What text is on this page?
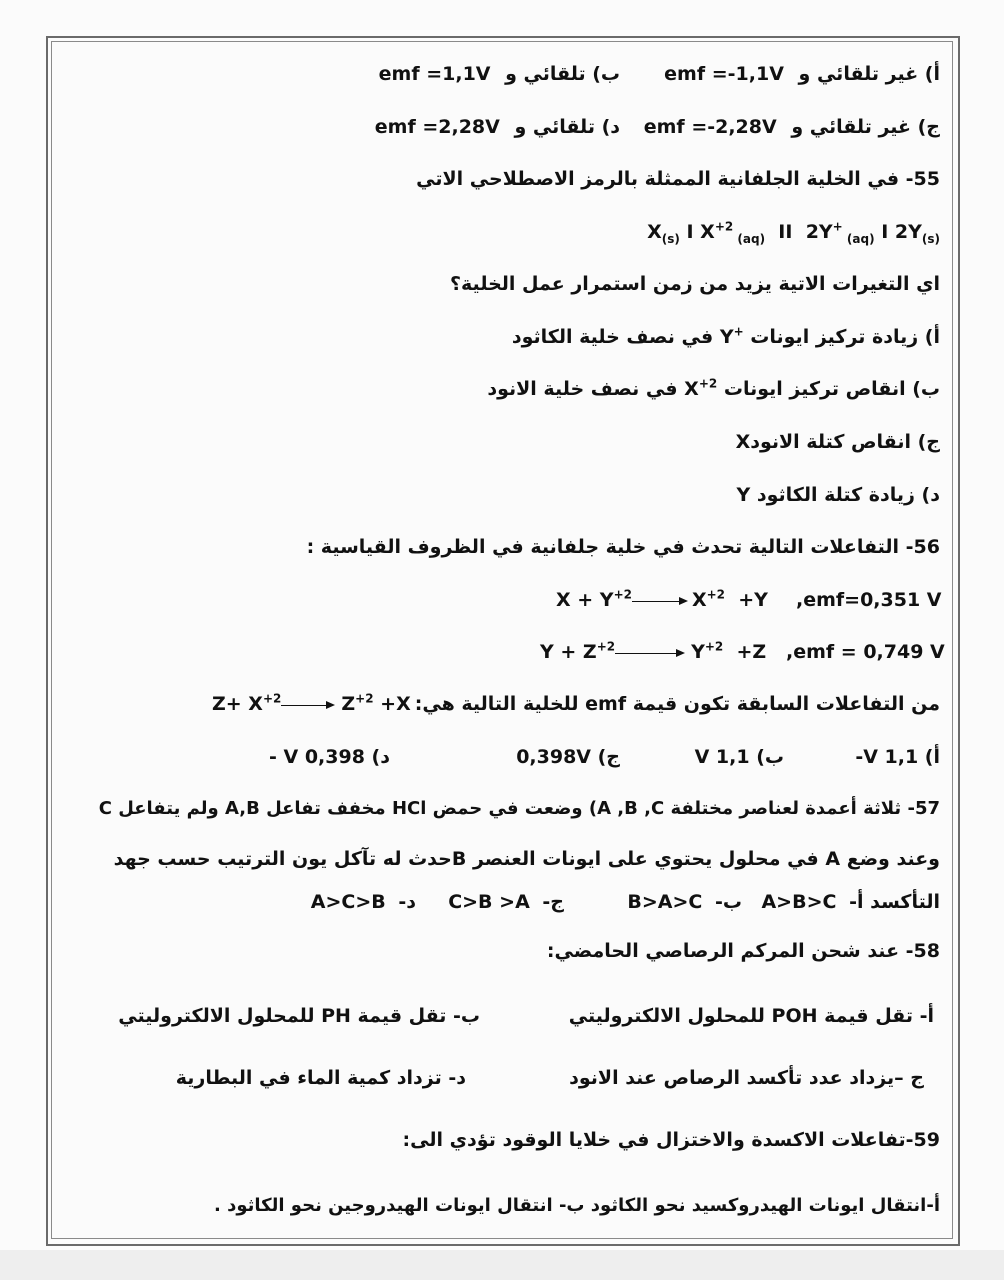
أ) غير تلقائي و emf =-1,1V
ب) تلقائي و emf =1,1V
ج) غير تلقائي و emf =-2,28V
د) تلقائي و emf =2,28V
55- في الخلية الجلفانية الممثلة بالرمز الاصطلاحي الاتي
$X_{(s)}$ I $X^{+2}$ $_{(aq)}$  II  2Y+ $_{(aq)}$ I $2Y_{(s)}$
اي التغيرات الاتية يزيد من زمن استمرار عمل الخلية؟
أ) زيادة تركيز ايونات Y+ في نصف خلية الكاثود
ب) انقاص تركيز ايونات $X^{+2}$ في نصف خلية الانود
ج) انقاص كتلة الانودX
د) زيادة كتلة الكاثود Y
56- التفاعلات التالية تحدث في خلية جلفانية في الظروف القياسية :
$X + Y^{+2}$	$X^{+2} +Y$ ,emf=0,351 V
$Y + Z^{+2}$	$Y^{+2} +Z$ ,emf = 0,749 V
من التفاعلات السابقة تكون قيمة emf للخلية التالية هي:
$Z+ X^{+2}$	$Z^{+2} +X$
أ) V 1,1-
ب) V 1,1
ج) 0,398V
د) V 0,398 -
57- ثلاثة أعمدة لعناصر مختلفة A ,B ,C) وضعت في حمض HCl مخفف تفاعل A,B ولم يتفاعل C
وعند وضع A في محلول يحتوي على ايونات العنصر Bحدث له تآكل يون الترتيب حسب جهد
التأكسد أ- A>B>C
ب- B>A>C
ج- C>B >A
د- A>C>B
58- عند شحن المركم الرصاصي الحامضي:
أ- تقل قيمة POH للمحلول الالكتروليتي
ب- تقل قيمة PH للمحلول الالكتروليتي
ج –يزداد عدد تأكسد الرصاص عند الانود
د- تزداد كمية الماء في البطارية
59-تفاعلات الاكسدة والاختزال في خلايا الوقود تؤدي الى:
أ-انتقال ايونات الهيدروكسيد نحو الكاثود ب- انتقال ايونات الهيدروجين نحو الكاثود .
